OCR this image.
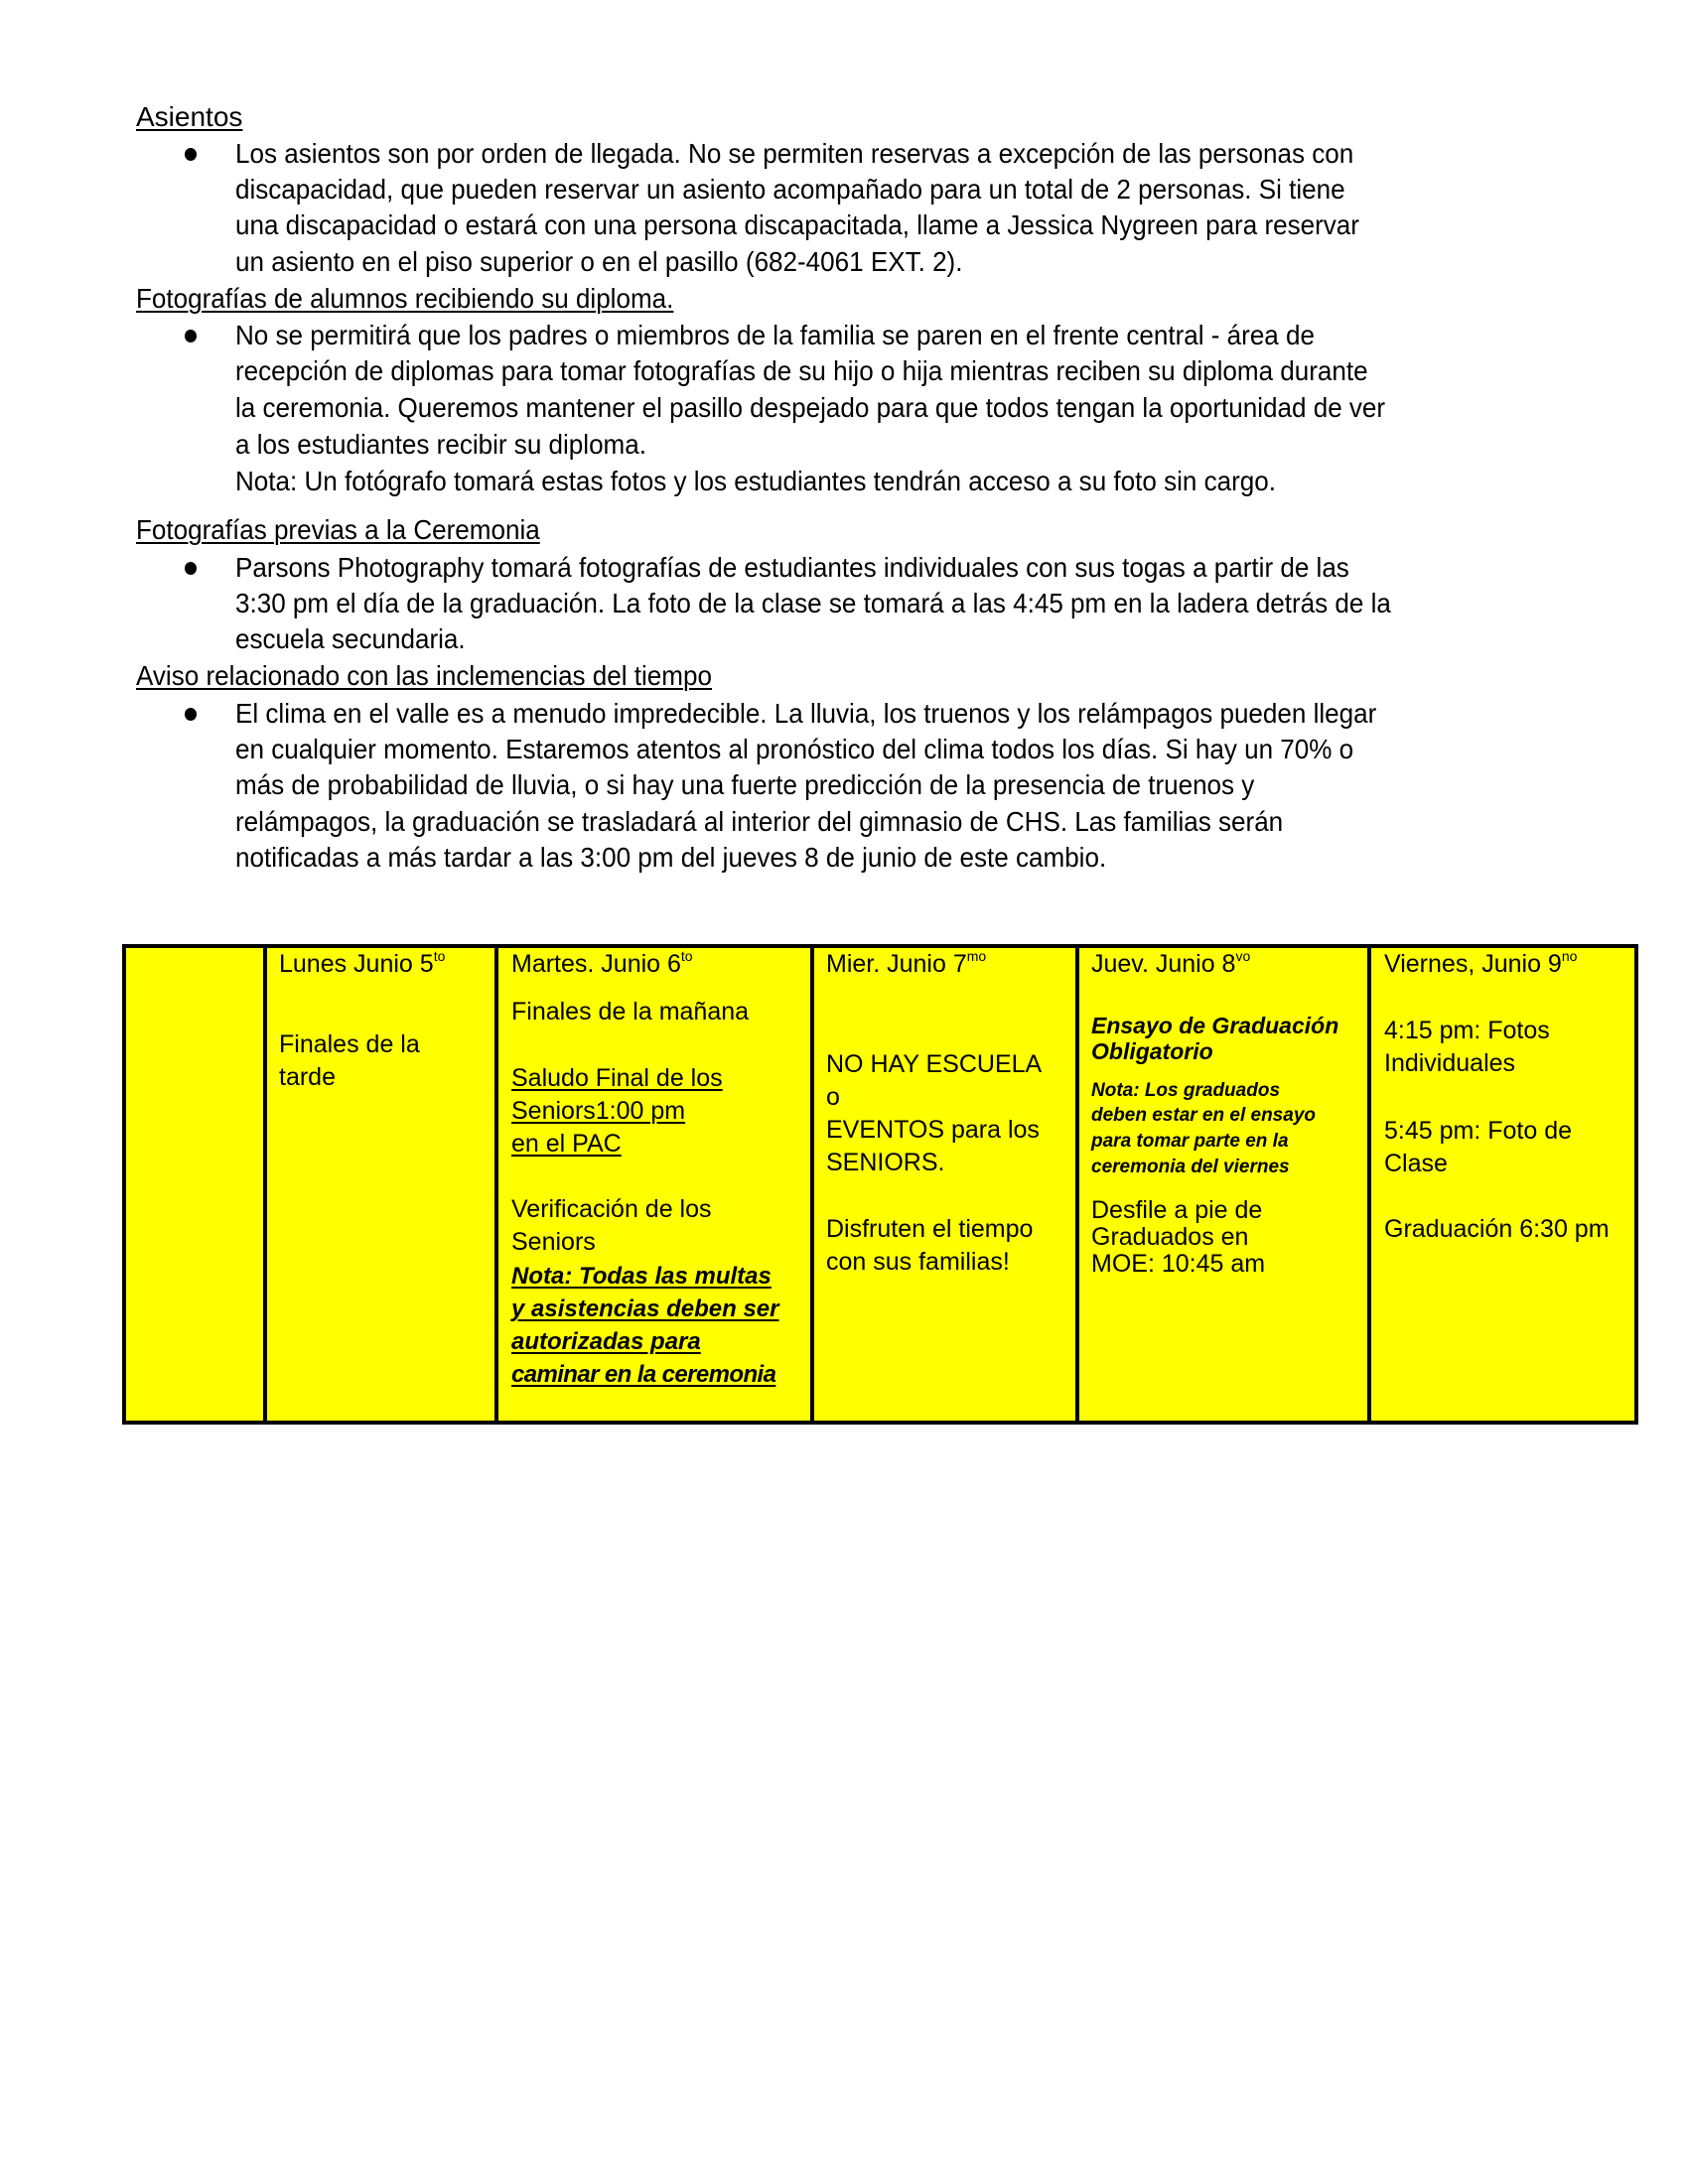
Asientos
Los asientos son por orden de llegada. No se permiten reservas a excepción de las personas con
discapacidad, que pueden reservar un asiento acompañado para un total de 2 personas. Si tiene
una discapacidad o estará con una persona discapacitada, llame a Jessica Nygreen para reservar
un asiento en el piso superior o en el pasillo (682-4061 EXT. 2).
Fotografías de alumnos recibiendo su diploma.
No se permitirá que los padres o miembros de la familia se paren en el frente central - área de
recepción de diplomas para tomar fotografías de su hijo o hija mientras reciben su diploma durante
la ceremonia. Queremos mantener el pasillo despejado para que todos tengan la oportunidad de ver
a los estudiantes recibir su diploma.
Nota: Un fotógrafo tomará estas fotos y los estudiantes tendrán acceso a su foto sin cargo.
Fotografías previas a la Ceremonia
Parsons Photography tomará fotografías de estudiantes individuales con sus togas a partir de las
3:30 pm el día de la graduación. La foto de la clase se tomará a las 4:45 pm en la ladera detrás de la
escuela secundaria.
Aviso relacionado con las inclemencias del tiempo
El clima en el valle es a menudo impredecible. La lluvia, los truenos y los relámpagos pueden llegar
en cualquier momento. Estaremos atentos al pronóstico del clima todos los días. Si hay un 70% o
más de probabilidad de lluvia, o si hay una fuerte predicción de la presencia de truenos y
relámpagos, la graduación se trasladará al interior del gimnasio de CHS. Las familias serán
notificadas a más tardar a las 3:00 pm del jueves 8 de junio de este cambio.
Lunes Junio $5^{to}$
Finales de la
tarde
Martes. Junio $6^{to}$
Finales de la mañana
Saludo Final de los
Seniors1:00 pm
en el PAC
Verificación de los
Seniors
Nota: Todas las multas
y asistencias deben ser
autorizadas para
caminar en la ceremonia
Mier. Junio $7^{mo}$
NO HAY ESCUELA
o
EVENTOS para los
SENIORS.
Disfruten el tiempo
con sus familias!
Juev. Junio $8^{vo}$
Ensayo de Graduación
Obligatorio
Nota: Los graduados
deben estar en el ensayo
para tomar parte en la
ceremonia del viernes
Desfile a pie de
Graduados en
MOE: 10:45 am
Viernes, Junio $9^{no}$
4:15 pm: Fotos
Individuales
5:45 pm: Foto de
Clase
Graduación 6:30 pm
